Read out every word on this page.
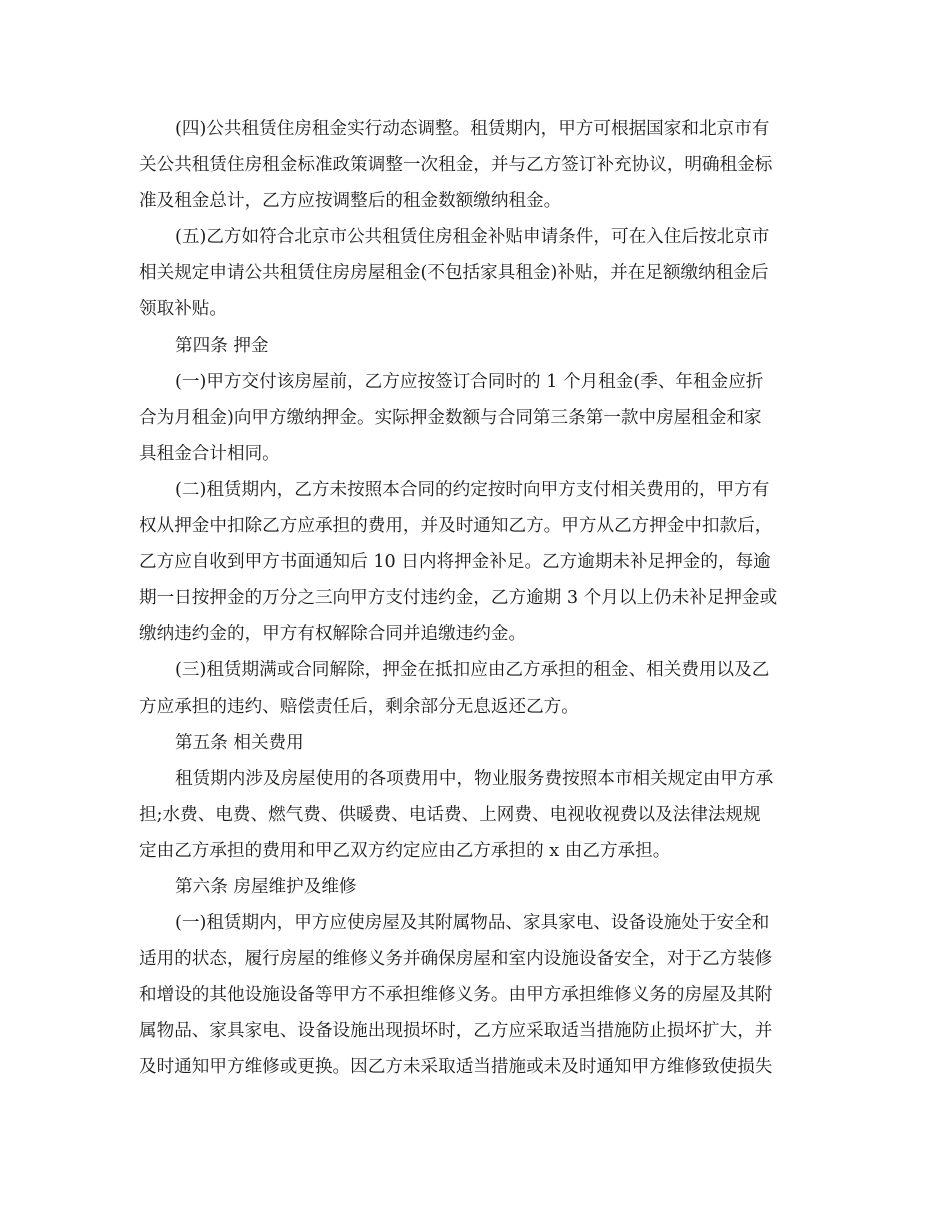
(四)公共租赁住房租金实行动态调整。租赁期内，甲方可根据国家和北京市有
关公共租赁住房租金标准政策调整一次租金，并与乙方签订补充协议，明确租金标
准及租金总计，乙方应按调整后的租金数额缴纳租金。
(五)乙方如符合北京市公共租赁住房租金补贴申请条件，可在入住后按北京市
相关规定申请公共租赁住房房屋租金(不包括家具租金)补贴，并在足额缴纳租金后
领取补贴。
第四条 押金
(一)甲方交付该房屋前，乙方应按签订合同时的 1 个月租金(季、年租金应折
合为月租金)向甲方缴纳押金。实际押金数额与合同第三条第一款中房屋租金和家
具租金合计相同。
(二)租赁期内，乙方未按照本合同的约定按时向甲方支付相关费用的，甲方有
权从押金中扣除乙方应承担的费用，并及时通知乙方。甲方从乙方押金中扣款后，
乙方应自收到甲方书面通知后 10 日内将押金补足。乙方逾期未补足押金的，每逾
期一日按押金的万分之三向甲方支付违约金，乙方逾期 3 个月以上仍未补足押金或
缴纳违约金的，甲方有权解除合同并追缴违约金。
(三)租赁期满或合同解除，押金在抵扣应由乙方承担的租金、相关费用以及乙
方应承担的违约、赔偿责任后，剩余部分无息返还乙方。
第五条 相关费用
租赁期内涉及房屋使用的各项费用中，物业服务费按照本市相关规定由甲方承
担;水费、电费、燃气费、供暖费、电话费、上网费、电视收视费以及法律法规规
定由乙方承担的费用和甲乙双方约定应由乙方承担的 x 由乙方承担。
第六条 房屋维护及维修
(一)租赁期内，甲方应使房屋及其附属物品、家具家电、设备设施处于安全和
适用的状态，履行房屋的维修义务并确保房屋和室内设施设备安全，对于乙方装修
和增设的其他设施设备等甲方不承担维修义务。由甲方承担维修义务的房屋及其附
属物品、家具家电、设备设施出现损坏时，乙方应采取适当措施防止损坏扩大，并
及时通知甲方维修或更换。因乙方未采取适当措施或未及时通知甲方维修致使损失
